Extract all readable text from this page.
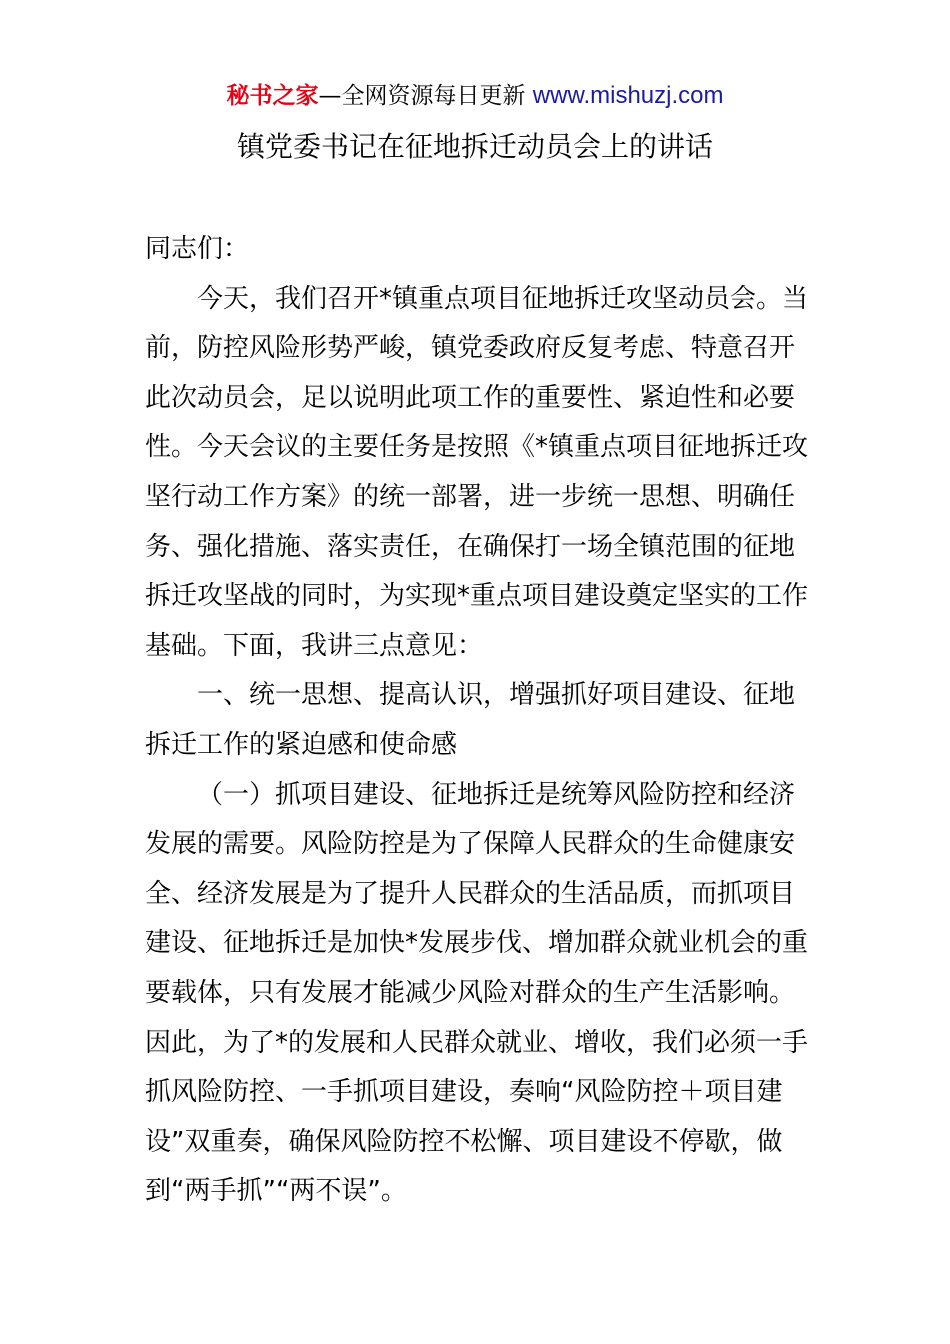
秘书之家—全网资源每日更新 www.mishuzj.com
镇党委书记在征地拆迁动员会上的讲话
同志们：
今天，我们召开*镇重点项目征地拆迁攻坚动员会。当
前，防控风险形势严峻，镇党委政府反复考虑、特意召开
此次动员会，足以说明此项工作的重要性、紧迫性和必要
性。今天会议的主要任务是按照《*镇重点项目征地拆迁攻
坚行动工作方案》的统一部署，进一步统一思想、明确任
务、强化措施、落实责任，在确保打一场全镇范围的征地
拆迁攻坚战的同时，为实现*重点项目建设奠定坚实的工作
基础。下面，我讲三点意见：
一、统一思想、提高认识，增强抓好项目建设、征地
拆迁工作的紧迫感和使命感
（一）抓项目建设、征地拆迁是统筹风险防控和经济
发展的需要。风险防控是为了保障人民群众的生命健康安
全、经济发展是为了提升人民群众的生活品质，而抓项目
建设、征地拆迁是加快*发展步伐、增加群众就业机会的重
要载体，只有发展才能减少风险对群众的生产生活影响。
因此，为了*的发展和人民群众就业、增收，我们必须一手
抓风险防控、一手抓项目建设，奏响“风险防控＋项目建
设”双重奏，确保风险防控不松懈、项目建设不停歇，做
到“两手抓”“两不误”。
